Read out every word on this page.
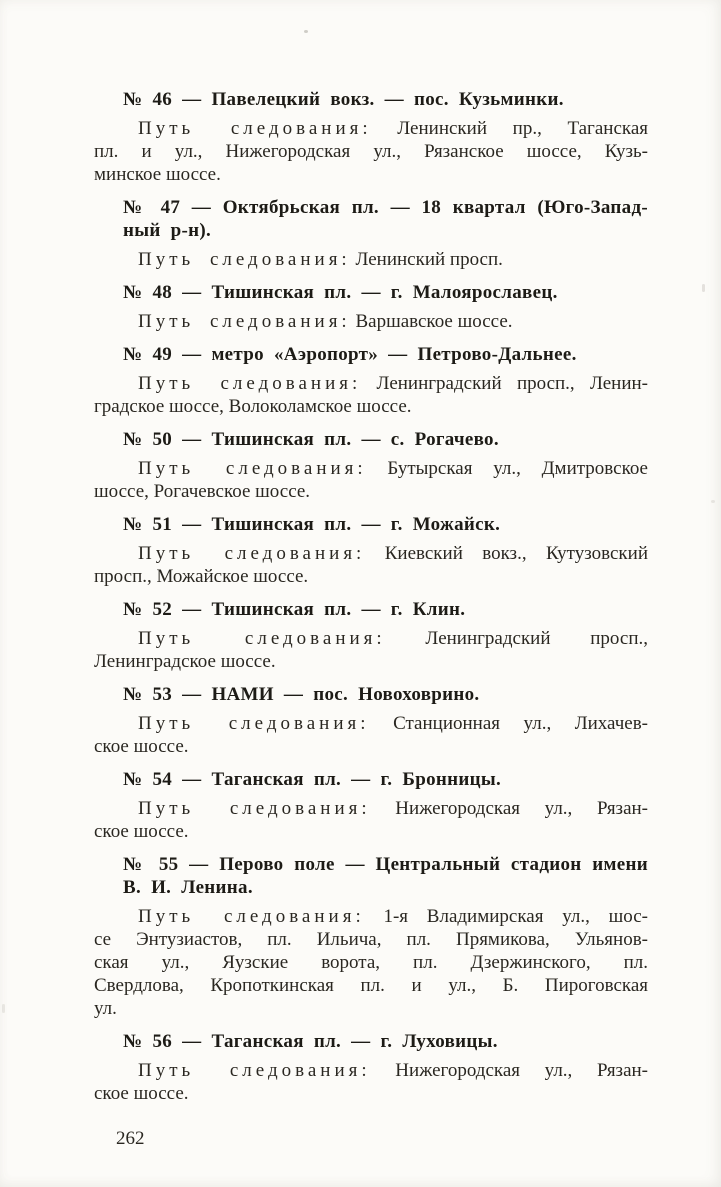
№ 46 — Павелецкий вокз. — пос. Кузьминки.
Путь следования: Ленинский пр., Таганская
пл. и ул., Нижегородская ул., Рязанское шоссе, Кузь-
минское шоссе.
№ 47 — Октябрьская пл. — 18 квартал (Юго-Запад-
ный р-н).
Путь следования: Ленинский просп.
№ 48 — Тишинская пл. — г. Малоярославец.
Путь следования: Варшавское шоссе.
№ 49 — метро «Аэропорт» — Петрово-Дальнее.
Путь следования: Ленинградский просп., Ленин-
градское шоссе, Волоколамское шоссе.
№ 50 — Тишинская пл. — с. Рогачево.
Путь следования: Бутырская ул., Дмитровское
шоссе, Рогачевское шоссе.
№ 51 — Тишинская пл. — г. Можайск.
Путь следования: Киевский вокз., Кутузовский
просп., Можайское шоссе.
№ 52 — Тишинская пл. — г. Клин.
Путь следования: Ленинградский просп.,
Ленинградское шоссе.
№ 53 — НАМИ — пос. Новоховрино.
Путь следования: Станционная ул., Лихачев-
ское шоссе.
№ 54 — Таганская пл. — г. Бронницы.
Путь следования: Нижегородская ул., Рязан-
ское шоссе.
№ 55 — Перово поле — Центральный стадион имени
В. И. Ленина.
Путь следования: 1-я Владимирская ул., шос-
се Энтузиастов, пл. Ильича, пл. Прямикова, Ульянов-
ская ул., Яузские ворота, пл. Дзержинского, пл.
Свердлова, Кропоткинская пл. и ул., Б. Пироговская
ул.
№ 56 — Таганская пл. — г. Луховицы.
Путь следования: Нижегородская ул., Рязан-
ское шоссе.
262
